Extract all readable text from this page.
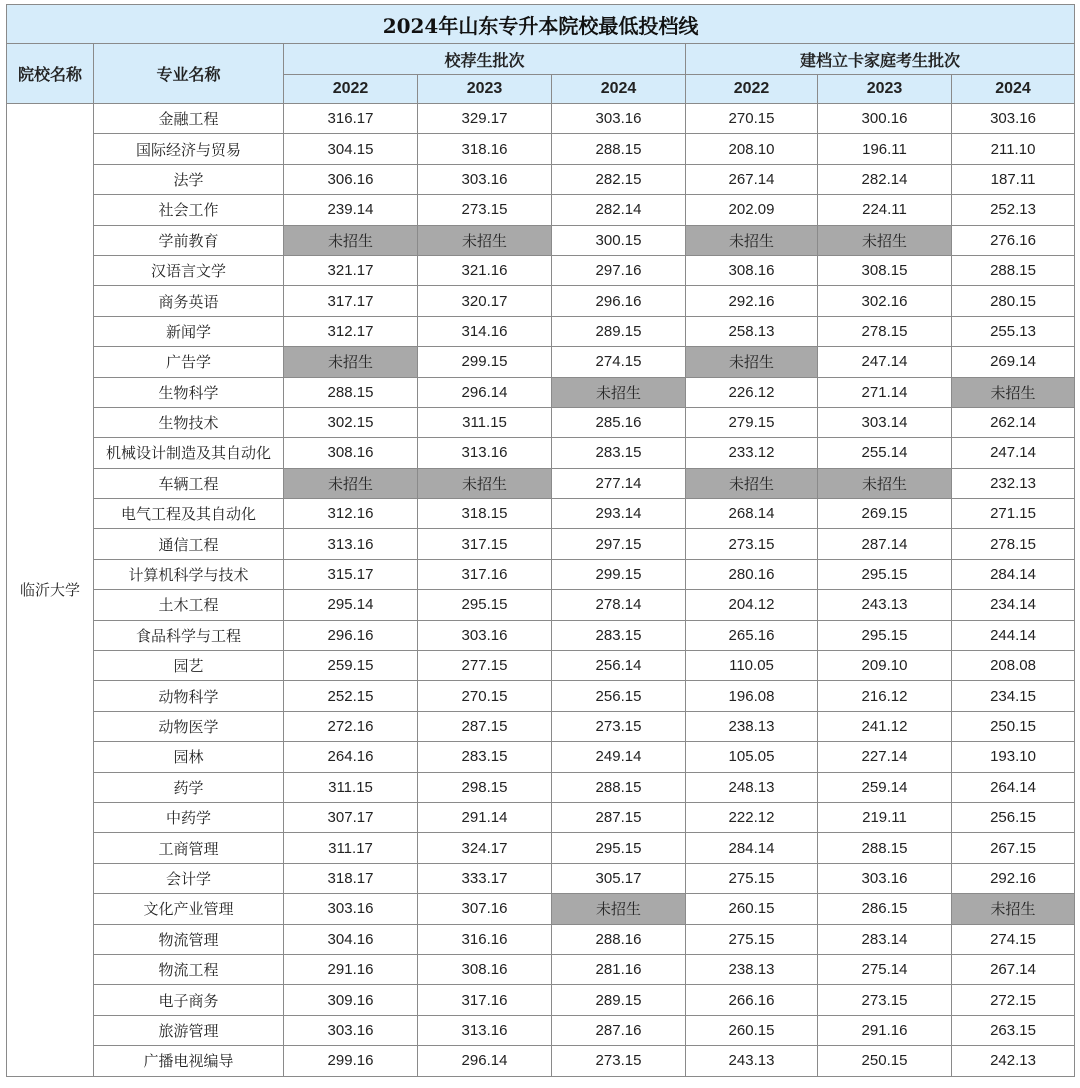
2024年山东专升本院校最低投档线							
院校名称	专业名称	校荐生批次			建档立卡家庭考生批次		
		2022	2023	2024	2022	2023	2024
临沂大学	金融工程	316.17	329.17	303.16	270.15	300.16	303.16
	国际经济与贸易	304.15	318.16	288.15	208.10	196.11	211.10
	法学	306.16	303.16	282.15	267.14	282.14	187.11
	社会工作	239.14	273.15	282.14	202.09	224.11	252.13
	学前教育	未招生	未招生	300.15	未招生	未招生	276.16
	汉语言文学	321.17	321.16	297.16	308.16	308.15	288.15
	商务英语	317.17	320.17	296.16	292.16	302.16	280.15
	新闻学	312.17	314.16	289.15	258.13	278.15	255.13
	广告学	未招生	299.15	274.15	未招生	247.14	269.14
	生物科学	288.15	296.14	未招生	226.12	271.14	未招生
	生物技术	302.15	311.15	285.16	279.15	303.14	262.14
	机械设计制造及其自动化	308.16	313.16	283.15	233.12	255.14	247.14
	车辆工程	未招生	未招生	277.14	未招生	未招生	232.13
	电气工程及其自动化	312.16	318.15	293.14	268.14	269.15	271.15
	通信工程	313.16	317.15	297.15	273.15	287.14	278.15
	计算机科学与技术	315.17	317.16	299.15	280.16	295.15	284.14
	土木工程	295.14	295.15	278.14	204.12	243.13	234.14
	食品科学与工程	296.16	303.16	283.15	265.16	295.15	244.14
	园艺	259.15	277.15	256.14	110.05	209.10	208.08
	动物科学	252.15	270.15	256.15	196.08	216.12	234.15
	动物医学	272.16	287.15	273.15	238.13	241.12	250.15
	园林	264.16	283.15	249.14	105.05	227.14	193.10
	药学	311.15	298.15	288.15	248.13	259.14	264.14
	中药学	307.17	291.14	287.15	222.12	219.11	256.15
	工商管理	311.17	324.17	295.15	284.14	288.15	267.15
	会计学	318.17	333.17	305.17	275.15	303.16	292.16
	文化产业管理	303.16	307.16	未招生	260.15	286.15	未招生
	物流管理	304.16	316.16	288.16	275.15	283.14	274.15
	物流工程	291.16	308.16	281.16	238.13	275.14	267.14
	电子商务	309.16	317.16	289.15	266.16	273.15	272.15
	旅游管理	303.16	313.16	287.16	260.15	291.16	263.15
	广播电视编导	299.16	296.14	273.15	243.13	250.15	242.13
